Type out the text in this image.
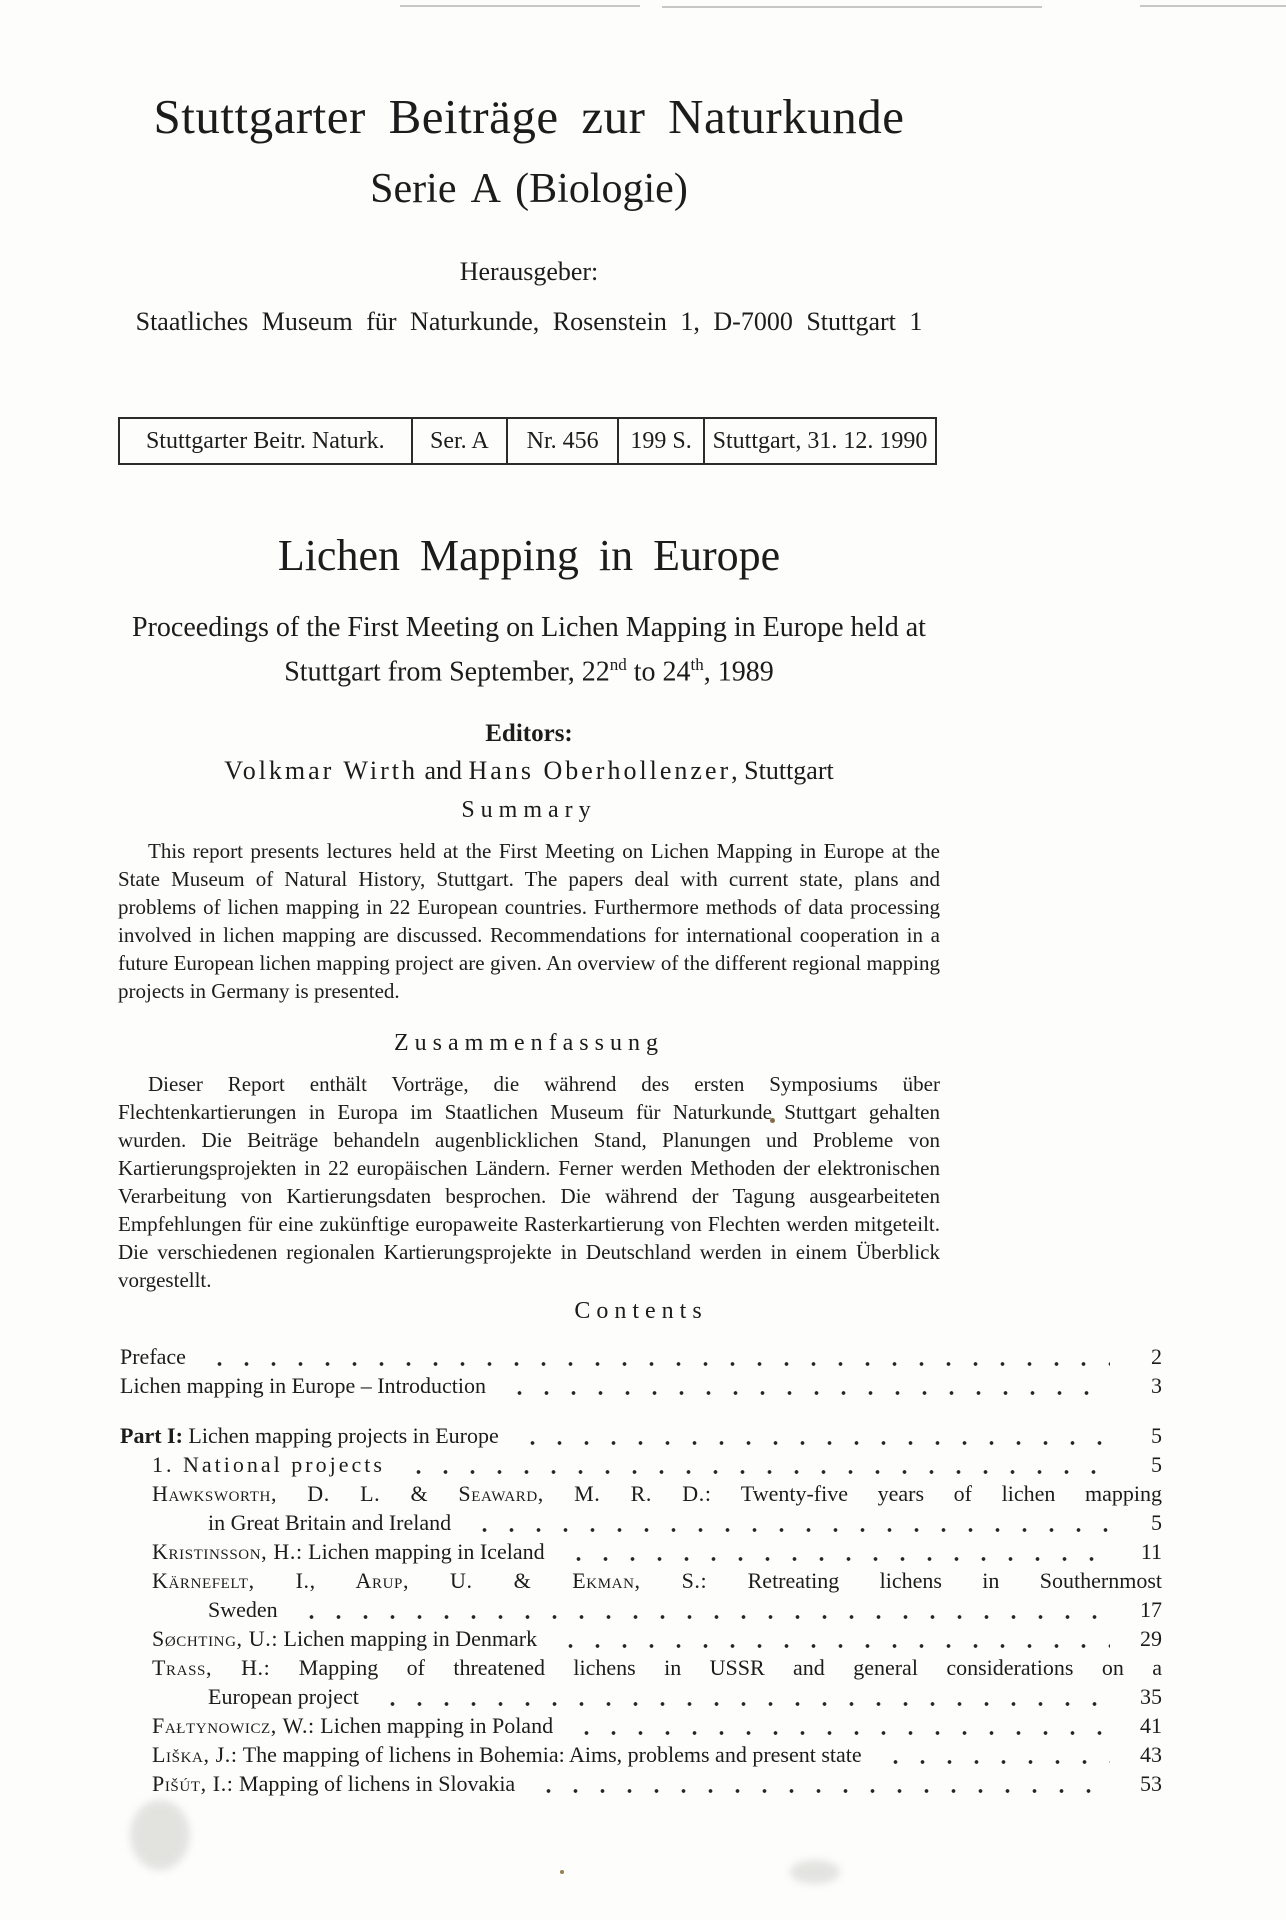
Stuttgarter Beiträge zur Naturkunde
Serie A (Biologie)
Herausgeber:
Staatliches Museum für Naturkunde, Rosenstein 1, D-7000 Stuttgart 1
Stuttgarter Beitr. Naturk.	Ser. A	Nr. 456	199 S. Stuttgart, 31. 12. 1990
Lichen Mapping in Europe
Proceedings of the First Meeting on Lichen Mapping in Europe held at
Stuttgart from September, 22nd to 24th, 1989
Editors:
Volkmar Wirth and Hans Oberhollenzer, Stuttgart
Summary

This report presents lectures held at the First Meeting on Lichen Mapping in Europe at the State Museum of Natural History, Stuttgart. The papers deal with current state, plans and problems of lichen mapping in 22 European countries. Furthermore methods of data processing involved in lichen mapping are discussed. Recommendations for international cooperation in a future European lichen mapping project are given. An overview of the different regional mapping projects in Germany is presented.

Zusammenfassung

Dieser Report enthält Vorträge, die während des ersten Symposiums über Flechtenkartierungen in Europa im Staatlichen Museum für Naturkunde Stuttgart gehalten wurden. Die Beiträge behandeln augenblicklichen Stand, Planungen und Probleme von Kartierungsprojekten in 22 europäischen Ländern. Ferner werden Methoden der elektronischen Verarbeitung von Kartierungsdaten besprochen. Die während der Tagung ausgearbeiteten Empfehlungen für eine zukünftige europaweite Rasterkartierung von Flechten werden mitgeteilt. Die verschiedenen regionalen Kartierungsprojekte in Deutschland werden in einem Überblick vorgestellt.

Contents
Preface	2
Lichen mapping in Europe – Introduction	3
Part I: Lichen mapping projects in Europe	5
1. National projects	5
Hawksworth, D. L. & Seaward, M. R. D.: Twenty-five years of lichen mapping
in Great Britain and Ireland	5
Kristinsson, H.: Lichen mapping in Iceland	11
Kärnefelt, I., Arup, U. & Ekman, S.: Retreating lichens in Southernmost
Sweden	17
Søchting, U.: Lichen mapping in Denmark	29
Trass, H.: Mapping of threatened lichens in USSR and general considerations on a
European project	35
Fałtynowicz, W.: Lichen mapping in Poland	41
Liška, J.: The mapping of lichens in Bohemia: Aims, problems and present state	43
Pišút, I.: Mapping of lichens in Slovakia	53
